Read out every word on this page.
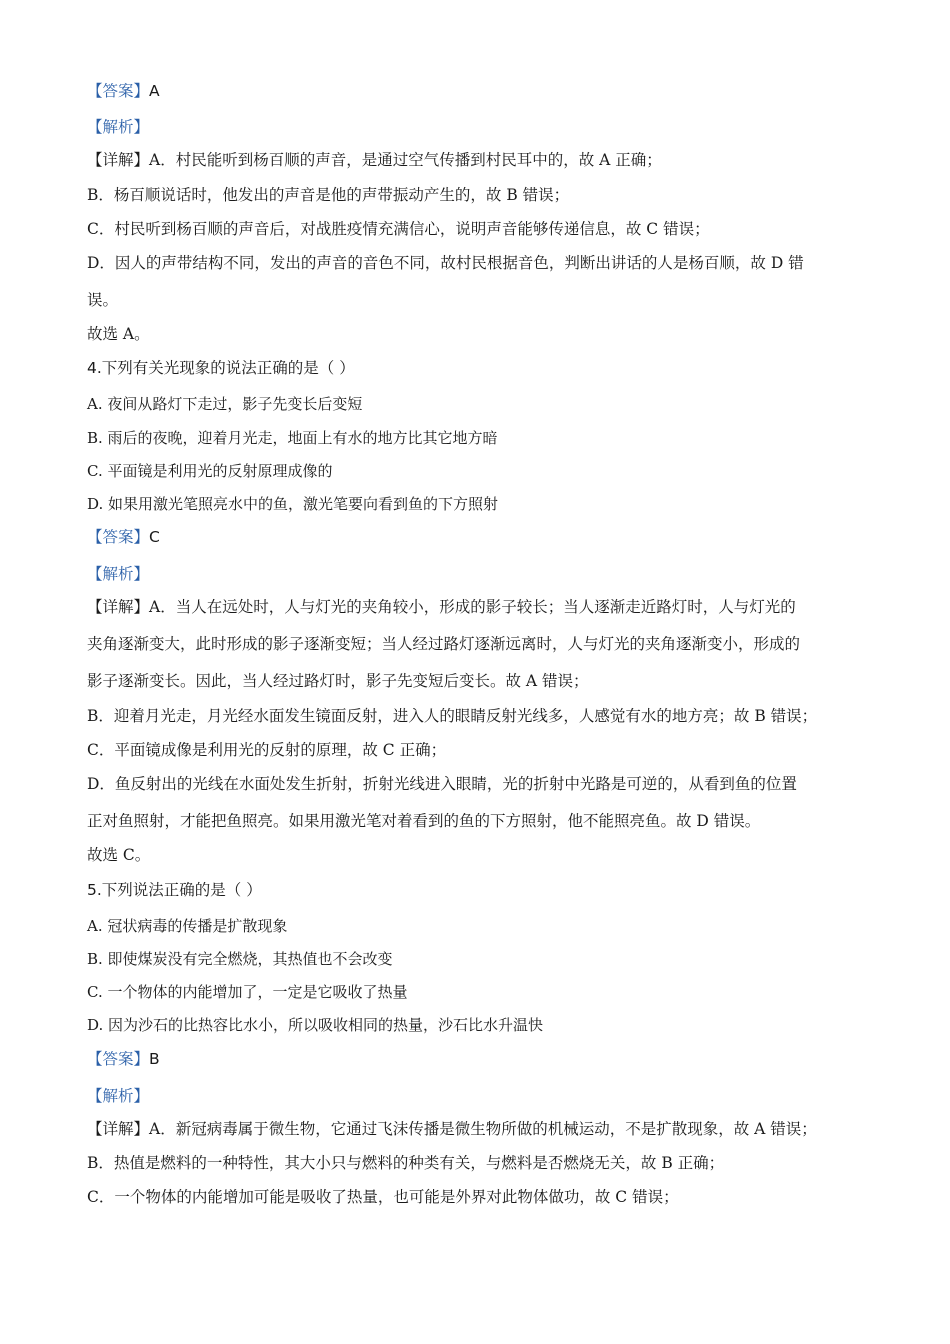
【答案】A
【解析】
【详解】A．村民能听到杨百顺的声音，是通过空气传播到村民耳中的，故 A 正确；
B．杨百顺说话时，他发出的声音是他的声带振动产生的，故 B 错误；
C．村民听到杨百顺的声音后，对战胜疫情充满信心，说明声音能够传递信息，故 C 错误；
D．因人的声带结构不同，发出的声音的音色不同，故村民根据音色，判断出讲话的人是杨百顺，故 D 错
误。
故选 A。
4.下列有关光现象的说法正确的是（ ）
A. 夜间从路灯下走过，影子先变长后变短
B. 雨后的夜晚，迎着月光走，地面上有水的地方比其它地方暗
C. 平面镜是利用光的反射原理成像的
D. 如果用激光笔照亮水中的鱼，激光笔要向看到鱼的下方照射
【答案】C
【解析】
【详解】A．当人在远处时，人与灯光的夹角较小，形成的影子较长；当人逐渐走近路灯时，人与灯光的
夹角逐渐变大，此时形成的影子逐渐变短；当人经过路灯逐渐远离时，人与灯光的夹角逐渐变小，形成的
影子逐渐变长。因此，当人经过路灯时，影子先变短后变长。故 A 错误；
B．迎着月光走，月光经水面发生镜面反射，进入人的眼睛反射光线多，人感觉有水的地方亮；故 B 错误；
C．平面镜成像是利用光的反射的原理，故 C 正确；
D．鱼反射出的光线在水面处发生折射，折射光线进入眼睛，光的折射中光路是可逆的，从看到鱼的位置
正对鱼照射，才能把鱼照亮。如果用激光笔对着看到的鱼的下方照射，他不能照亮鱼。故 D 错误。
故选 C。
5.下列说法正确的是（ ）
A. 冠状病毒的传播是扩散现象
B. 即使煤炭没有完全燃烧，其热值也不会改变
C. 一个物体的内能增加了，一定是它吸收了热量
D. 因为沙石的比热容比水小，所以吸收相同的热量，沙石比水升温快
【答案】B
【解析】
【详解】A．新冠病毒属于微生物，它通过飞沫传播是微生物所做的机械运动，不是扩散现象，故 A 错误；
B．热值是燃料的一种特性，其大小只与燃料的种类有关，与燃料是否燃烧无关，故 B 正确；
C．一个物体的内能增加可能是吸收了热量，也可能是外界对此物体做功，故 C 错误；
